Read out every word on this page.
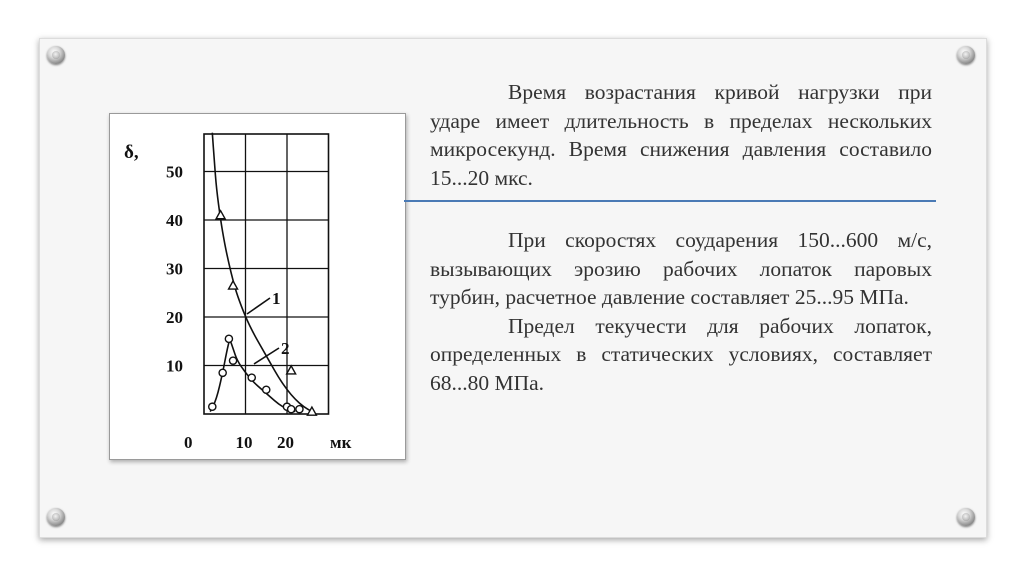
δ,
мк
1
2
10
20
30
40
50
0	10 20

Время возрастания кривой нагрузки при ударе имеет длительность в пределах нескольких микросекунд. Время снижения давления составило 15...20 мкс.

При скоростях соударения 150...600 м/с, вызывающих эрозию рабочих лопаток паровых турбин, расчетное давление составляет 25...95 МПа.

Предел текучести для рабочих лопаток, определенных в статических условиях, составляет 68...80 МПа.
